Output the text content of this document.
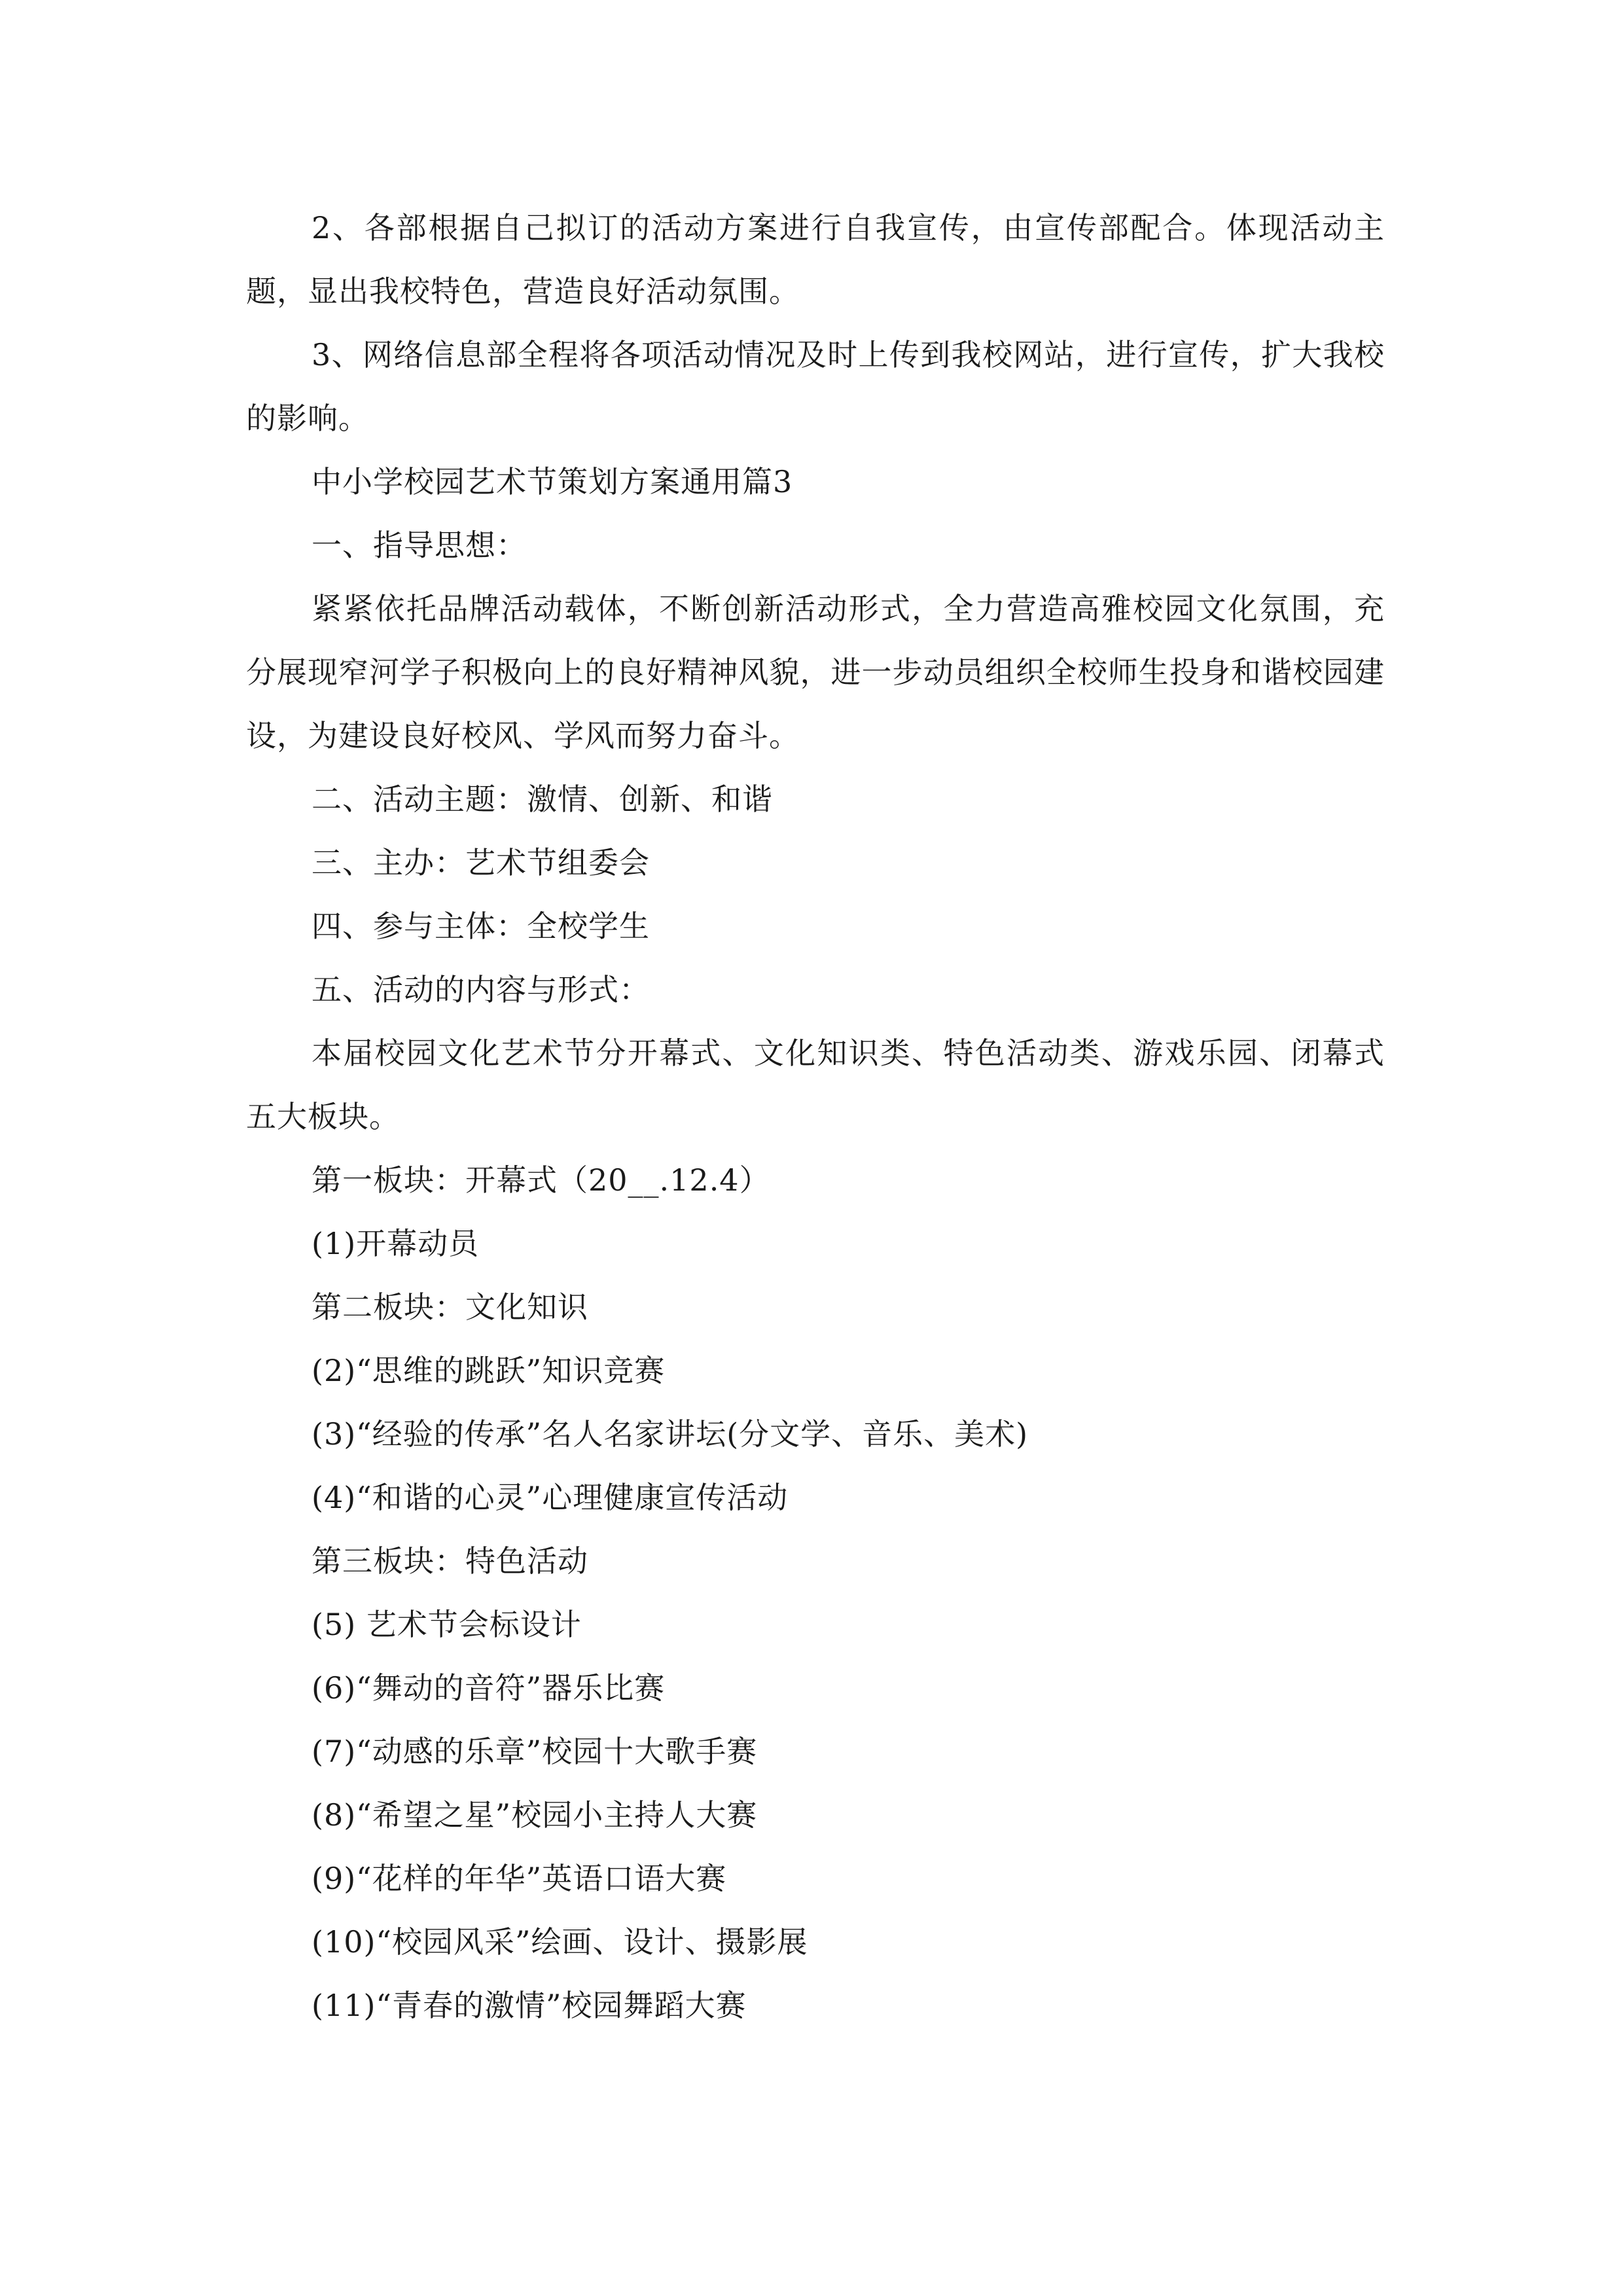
2、各部根据自己拟订的活动方案进行自我宣传，由宣传部配合。体现活动主题，显出我校特色，营造良好活动氛围。

3、网络信息部全程将各项活动情况及时上传到我校网站，进行宣传，扩大我校的影响。

中小学校园艺术节策划方案通用篇3

一、指导思想：

紧紧依托品牌活动载体，不断创新活动形式，全力营造高雅校园文化氛围，充分展现窄河学子积极向上的良好精神风貌，进一步动员组织全校师生投身和谐校园建设，为建设良好校风、学风而努力奋斗。

二、活动主题：激情、创新、和谐

三、主办：艺术节组委会

四、参与主体：全校学生

五、活动的内容与形式：

本届校园文化艺术节分开幕式、文化知识类、特色活动类、游戏乐园、闭幕式五大板块。

第一板块：开幕式（20__.12.4）

(1)开幕动员

第二板块：文化知识

(2)“思维的跳跃”知识竞赛

(3)“经验的传承”名人名家讲坛(分文学、音乐、美术)

(4)“和谐的心灵”心理健康宣传活动

第三板块：特色活动

(5) 艺术节会标设计

(6)“舞动的音符”器乐比赛

(7)“动感的乐章”校园十大歌手赛

(8)“希望之星”校园小主持人大赛

(9)“花样的年华”英语口语大赛

(10)“校园风采”绘画、设计、摄影展

(11)“青春的激情”校园舞蹈大赛
